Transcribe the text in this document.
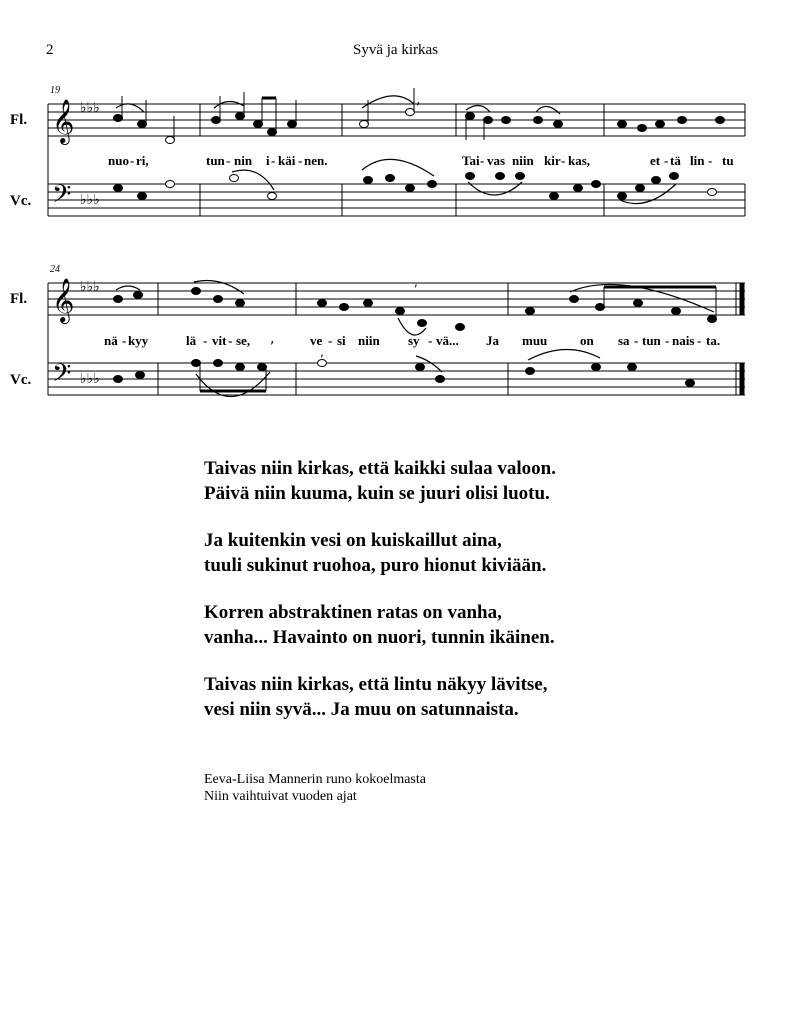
2	Syvä ja kirkas
Fl.
Vc.
19
𝄞
𝄢
♭♭♭
♭♭♭
Fl.
Vc.
24
𝄞
𝄢
♭♭♭
♭♭♭
,
,
,
,
nuo - ri,	tun - nin i - käi - nen.	Tai - vas niin kir - kas,	et - tä lin - tu
nä - kyy	lä - vit - se,	ve - si niin sy - vä... Ja muu	on sa - tun - nais - ta.
Taivas niin kirkas, että kaikki sulaa valoon.
Päivä niin kuuma, kuin se juuri olisi luotu.
Ja kuitenkin vesi on kuiskaillut aina,
tuuli sukinut ruohoa, puro hionut kiviään.
Korren abstraktinen ratas on vanha,
vanha... Havainto on nuori, tunnin ikäinen.
Taivas niin kirkas, että lintu näkyy lävitse,
vesi niin syvä... Ja muu on satunnaista.
Eeva-Liisa Mannerin runo kokoelmasta
Niin vaihtuivat vuoden ajat
